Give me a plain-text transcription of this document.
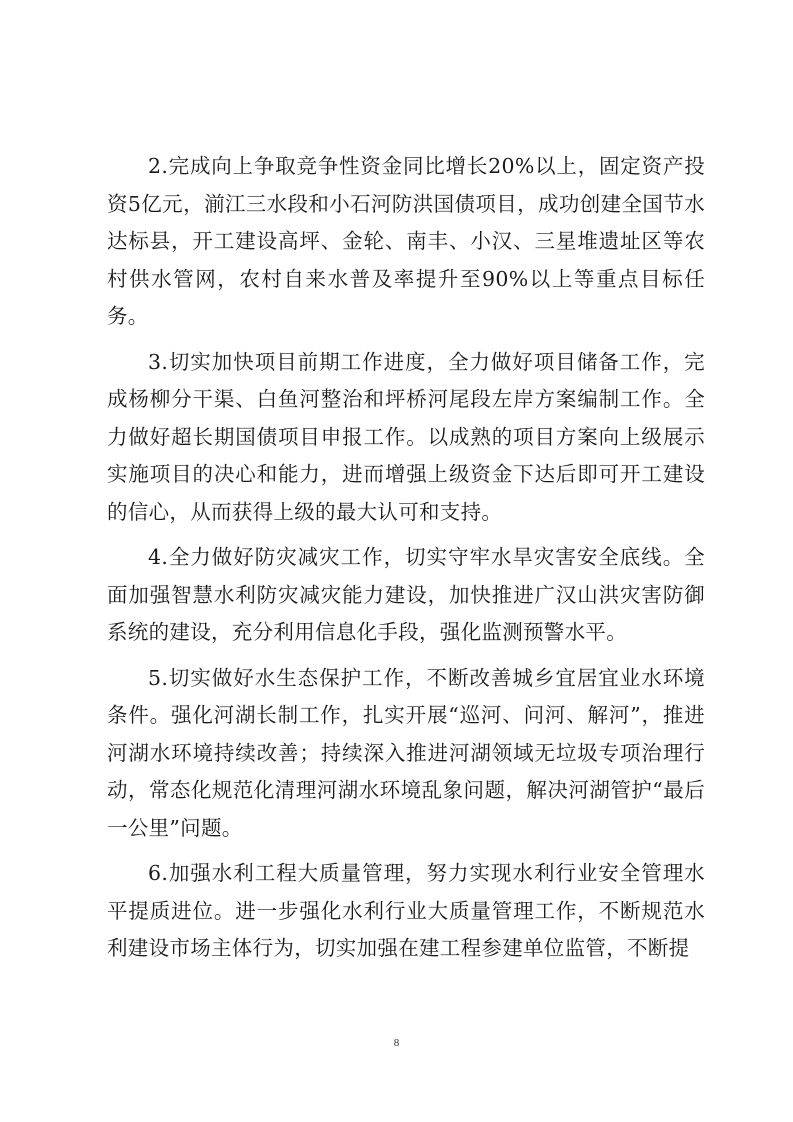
2.完成向上争取竞争性资金同比增长20%以上，固定资产投资5亿元，湔江三水段和小石河防洪国债项目，成功创建全国节水达标县，开工建设高坪、金轮、南丰、小汉、三星堆遗址区等农村供水管网，农村自来水普及率提升至90%以上等重点目标任务。

3.切实加快项目前期工作进度，全力做好项目储备工作，完成杨柳分干渠、白鱼河整治和坪桥河尾段左岸方案编制工作。全力做好超长期国债项目申报工作。以成熟的项目方案向上级展示实施项目的决心和能力，进而增强上级资金下达后即可开工建设的信心，从而获得上级的最大认可和支持。

4.全力做好防灾减灾工作，切实守牢水旱灾害安全底线。全面加强智慧水利防灾减灾能力建设，加快推进广汉山洪灾害防御系统的建设，充分利用信息化手段，强化监测预警水平。

5.切实做好水生态保护工作，不断改善城乡宜居宜业水环境条件。强化河湖长制工作，扎实开展“巡河、问河、解河”，推进河湖水环境持续改善；持续深入推进河湖领域无垃圾专项治理行动，常态化规范化清理河湖水环境乱象问题，解决河湖管护“最后一公里”问题。

6.加强水利工程大质量管理，努力实现水利行业安全管理水平提质进位。进一步强化水利行业大质量管理工作，不断规范水利建设市场主体行为，切实加强在建工程参建单位监管，不断提

8
